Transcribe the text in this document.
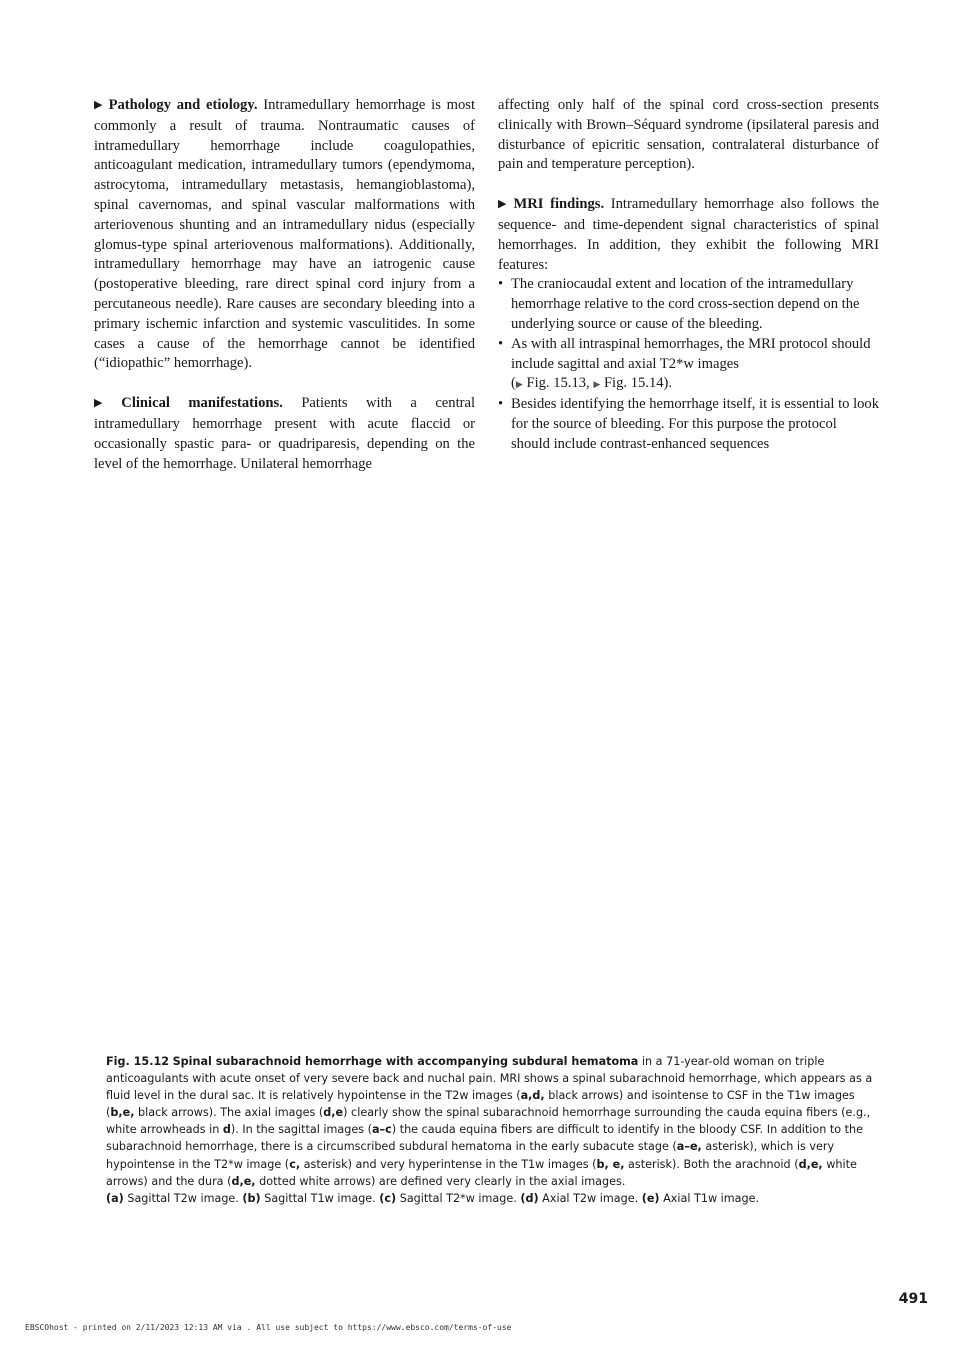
▶ Pathology and etiology. Intramedullary hemorrhage is most commonly a result of trauma. Nontraumatic causes of intramedullary hemorrhage include coagulopathies, anticoagulant medication, intramedullary tumors (ependymoma, astrocytoma, intramedullary metastasis, hemangioblastoma), spinal cavernomas, and spinal vascular malformations with arteriovenous shunting and an intramedullary nidus (especially glomus-type spinal arteriovenous malformations). Additionally, intramedullary hemorrhage may have an iatrogenic cause (postoperative bleeding, rare direct spinal cord injury from a percutaneous needle). Rare causes are secondary bleeding into a primary ischemic infarction and systemic vasculitides. In some cases a cause of the hemorrhage cannot be identified (“idiopathic” hemorrhage).

▶ Clinical manifestations. Patients with a central intramedullary hemorrhage present with acute flaccid or occasionally spastic para- or quadriparesis, depending on the level of the hemorrhage. Unilateral hemorrhage

affecting only half of the spinal cord cross-section presents clinically with Brown–Séquard syndrome (ipsilateral paresis and disturbance of epicritic sensation, contralateral disturbance of pain and temperature perception).

▶ MRI findings. Intramedullary hemorrhage also follows the sequence- and time-dependent signal characteristics of spinal hemorrhages. In addition, they exhibit the following MRI features:

• The craniocaudal extent and location of the intramedullary hemorrhage relative to the cord cross-section depend on the underlying source or cause of the bleeding.
• As with all intraspinal hemorrhages, the MRI protocol should include sagittal and axial T2*w images
(▶ Fig. 15.13, ▶ Fig. 15.14).
• Besides identifying the hemorrhage itself, it is essential to look for the source of bleeding. For this purpose the protocol should include contrast-enhanced sequences
Fig. 15.12 Spinal subarachnoid hemorrhage with accompanying subdural hematoma in a 71-year-old woman on triple anticoagulants with acute onset of very severe back and nuchal pain. MRI shows a spinal subarachnoid hemorrhage, which appears as a fluid level in the dural sac. It is relatively hypointense in the T2w images (a,d, black arrows) and isointense to CSF in the T1w images (b,e, black arrows). The axial images (d,e) clearly show the spinal subarachnoid hemorrhage surrounding the cauda equina fibers (e.g., white arrowheads in d). In the sagittal images (a–c) the cauda equina fibers are difficult to identify in the bloody CSF. In addition to the subarachnoid hemorrhage, there is a circumscribed subdural hematoma in the early subacute stage (a–e, asterisk), which is very hypointense in the T2*w image (c, asterisk) and very hyperintense in the T1w images (b, e, asterisk). Both the arachnoid (d,e, white arrows) and the dura (d,e, dotted white arrows) are defined very clearly in the axial images.
(a) Sagittal T2w image. (b) Sagittal T1w image. (c) Sagittal T2*w image. (d) Axial T2w image. (e) Axial T1w image.
491
EBSCOhost - printed on 2/11/2023 12:13 AM via . All use subject to https://www.ebsco.com/terms-of-use
